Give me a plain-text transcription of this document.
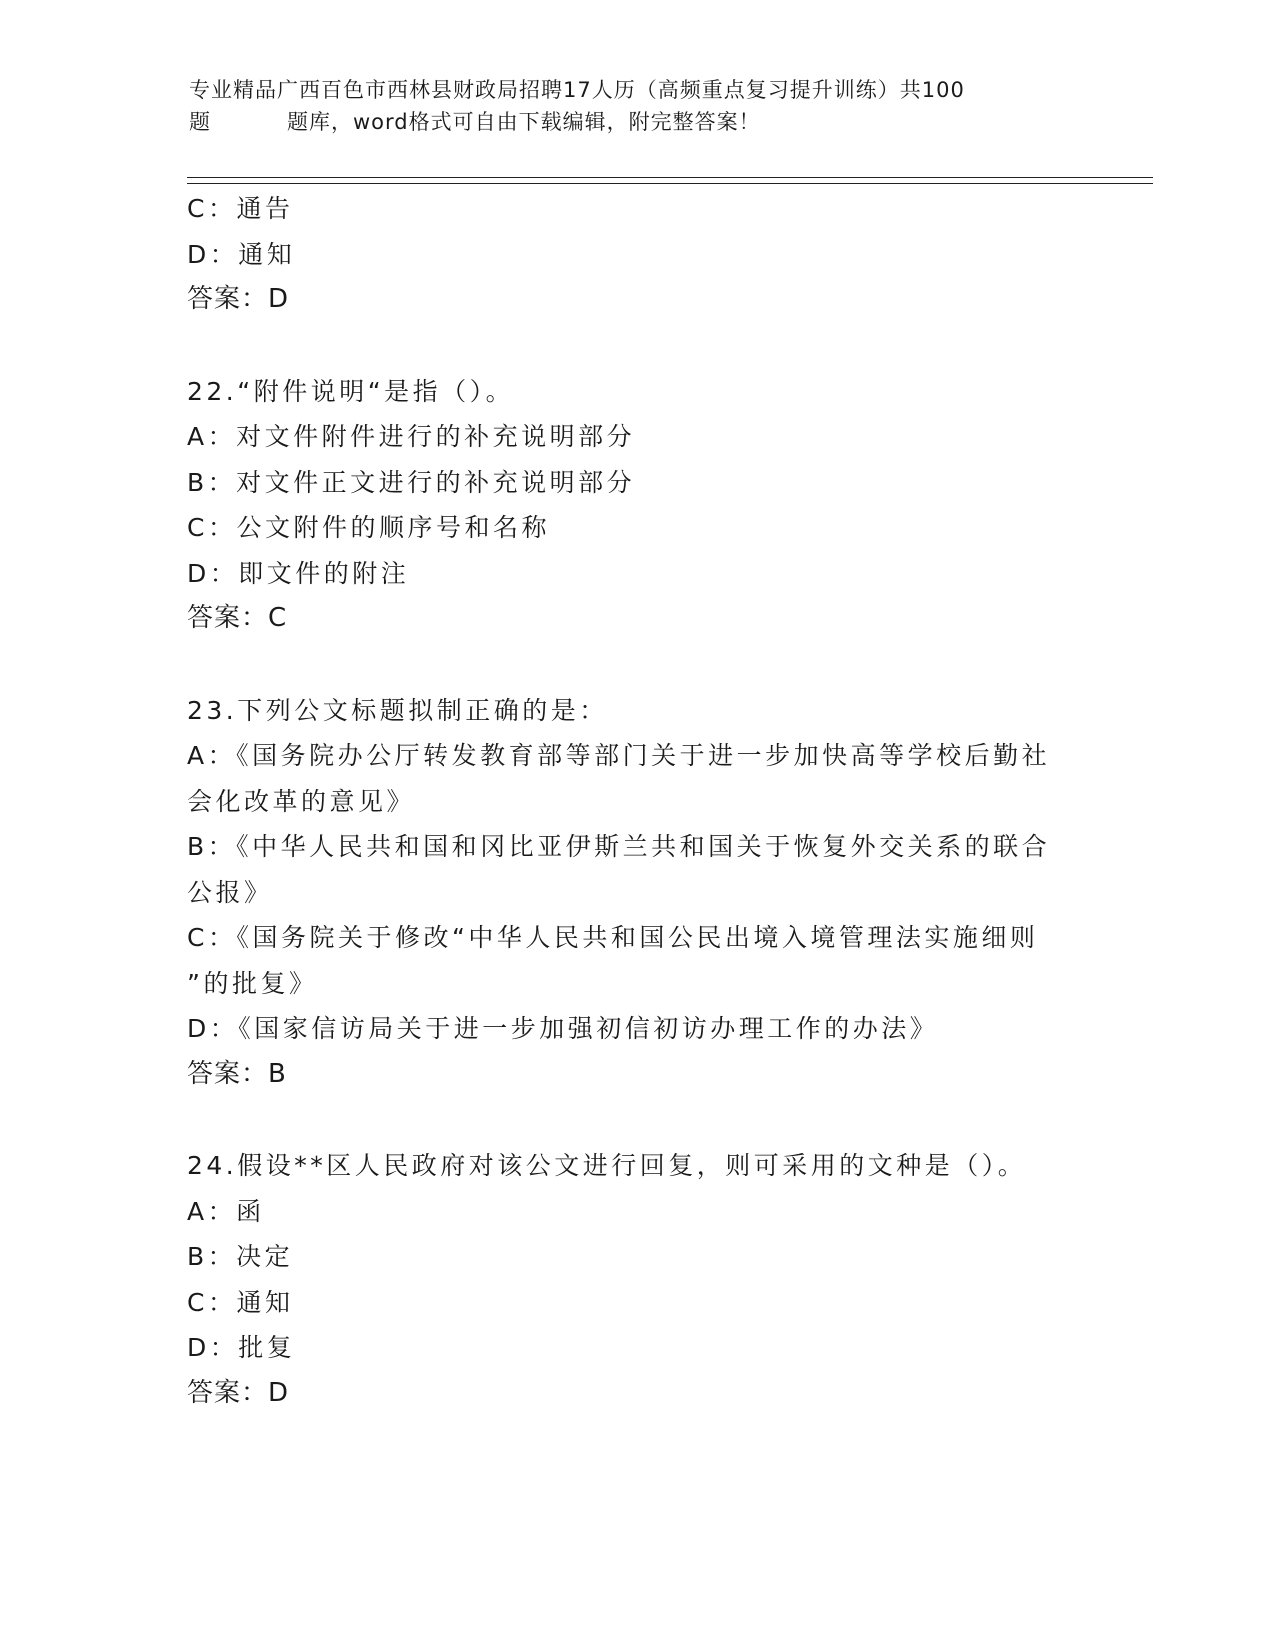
专业精品广西百色市西林县财政局招聘17人历（高频重点复习提升训练）共100
题	题库，word格式可自由下载编辑，附完整答案！
C：通告
D：通知
答案：D
22.“附件说明“是指（）。
A：对文件附件进行的补充说明部分
B：对文件正文进行的补充说明部分
C：公文附件的顺序号和名称
D：即文件的附注
答案：C
23.下列公文标题拟制正确的是：
A：《国务院办公厅转发教育部等部门关于进一步加快高等学校后勤社
会化改革的意见》
B：《中华人民共和国和冈比亚伊斯兰共和国关于恢复外交关系的联合
公报》
C：《国务院关于修改“中华人民共和国公民出境入境管理法实施细则
”的批复》
D：《国家信访局关于进一步加强初信初访办理工作的办法》
答案：B
24.假设**区人民政府对该公文进行回复，则可采用的文种是（）。
A：函
B：决定
C：通知
D：批复
答案：D
